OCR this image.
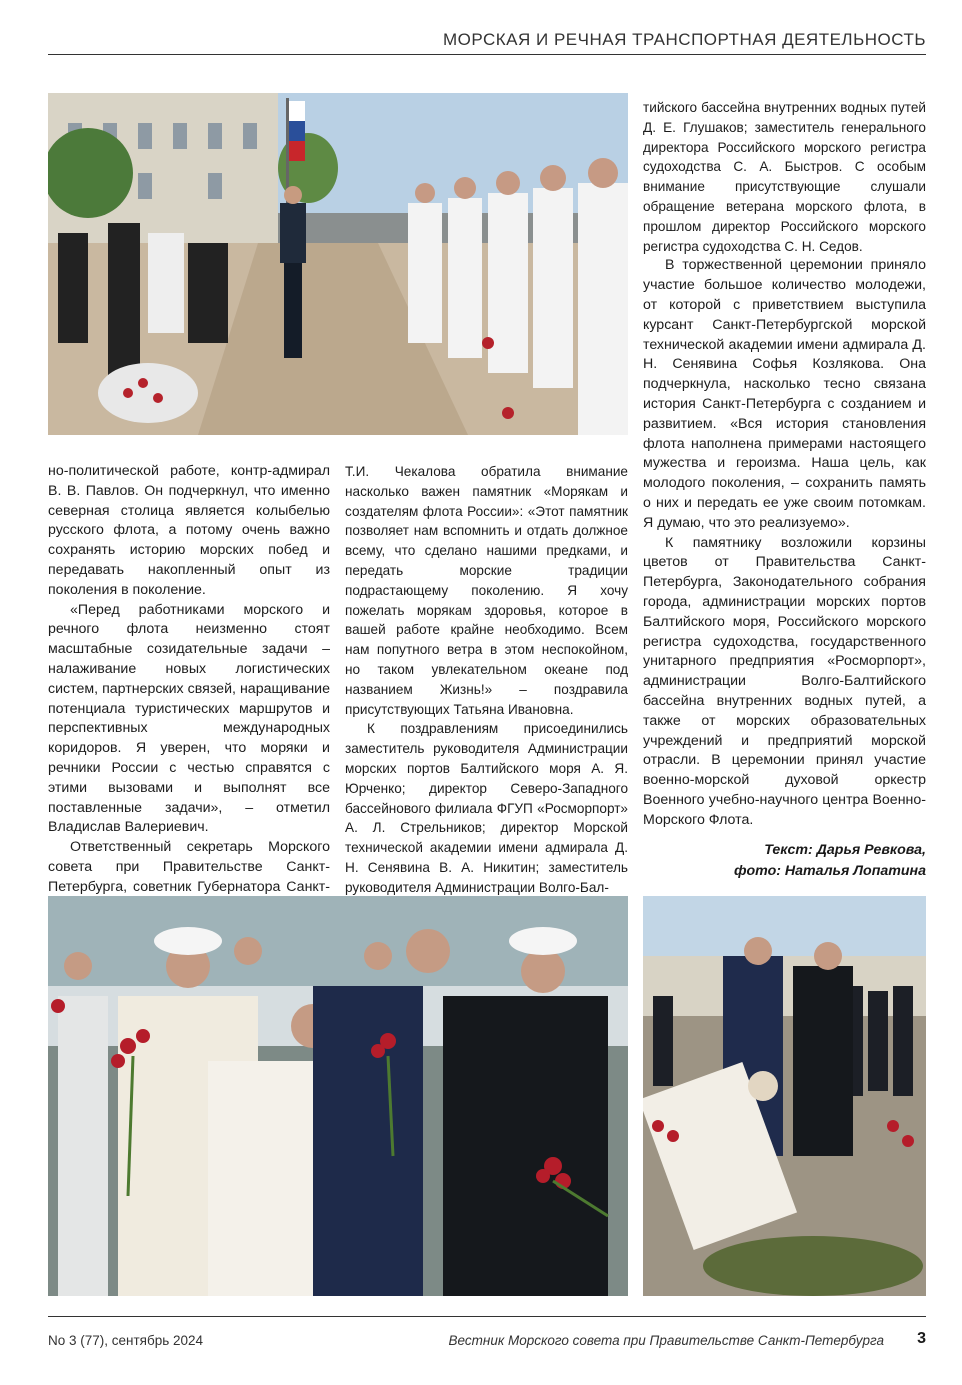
МОРСКАЯ И РЕЧНАЯ ТРАНСПОРТНАЯ ДЕЯТЕЛЬНОСТЬ

но-политической работе, контр-адмирал В. В. Павлов. Он подчеркнул, что именно северная столица является колыбелью русского флота, а потому очень важно сохранять историю морских побед и передавать накопленный опыт из поколения в поколение.

«Перед работниками морского и речного флота неизменно стоят масштабные созидательные задачи – налаживание новых логистических систем, партнерских связей, наращивание потенциала туристических маршрутов и перспективных международных коридоров. Я уверен, что моряки и речники России с честью справятся с этими вызовами и выполнят все поставленные задачи», – отметил Владислав Валериевич.

Ответственный секретарь Морского совета при Правительстве Санкт-Петербурга, советник Губернатора Санкт-

Т.И. Чекалова обратила внимание насколько важен памятник «Морякам и создателям флота России»: «Этот памятник позволяет нам вспомнить и отдать должное всему, что сделано нашими предками, и передать морские традиции подрастающему поколению. Я хочу пожелать морякам здоровья, которое в вашей работе крайне необходимо. Всем нам попутного ветра в этом неспокойном, но таком увлекательном океане под названием Жизнь!» – поздравила присутствующих Татьяна Ивановна.

К поздравлениям присоединились заместитель руководителя Администрации морских портов Балтийского моря А. Я. Юрченко; директор Северо-Западного бассейнового филиала ФГУП «Росморпорт» А. Л. Стрельников; директор Морской технической академии имени адмирала Д. Н. Сенявина В. А. Никитин; заместитель руководителя Администрации Волго-Бал-

тийского бассейна внутренних водных путей Д. Е. Глушаков; заместитель генерального директора Российского морского регистра судоходства С. А. Быстров. С особым внимание присутствующие слушали обращение ветерана морского флота, в прошлом директор Российского морского регистра судоходства С. Н. Седов.

В торжественной церемонии приняло участие большое количество молодежи, от которой с приветствием выступила курсант Санкт-Петербургской морской технической академии имени адмирала Д. Н. Сенявина Софья Козлякова. Она подчеркнула, насколько тесно связана история Санкт-Петербурга с созданием и развитием. «Вся история становления флота наполнена примерами настоящего мужества и героизма. Наша цель, как молодого поколения, – сохранить память о них и передать ее уже своим потомкам. Я думаю, что это реализуемо».

К памятнику возложили корзины цветов от Правительства Санкт-Петербурга, Законодательного собрания города, администрации морских портов Балтийского моря, Российского морского регистра судоходства, государственного унитарного предприятия «Росморпорт», администрации Волго-Балтийского бассейна внутренних водных путей, а также от морских образовательных учреждений и предприятий морской отрасли. В церемонии принял участие военно-морской духовой оркестр Военного учебно-научного центра Военно-Морского Флота.

Текст: Дарья Ревкова,
фото: Наталья Лопатина
No 3 (77), сентябрь 2024	Вестник Морского совета при Правительстве Санкт-Петербурга 3
